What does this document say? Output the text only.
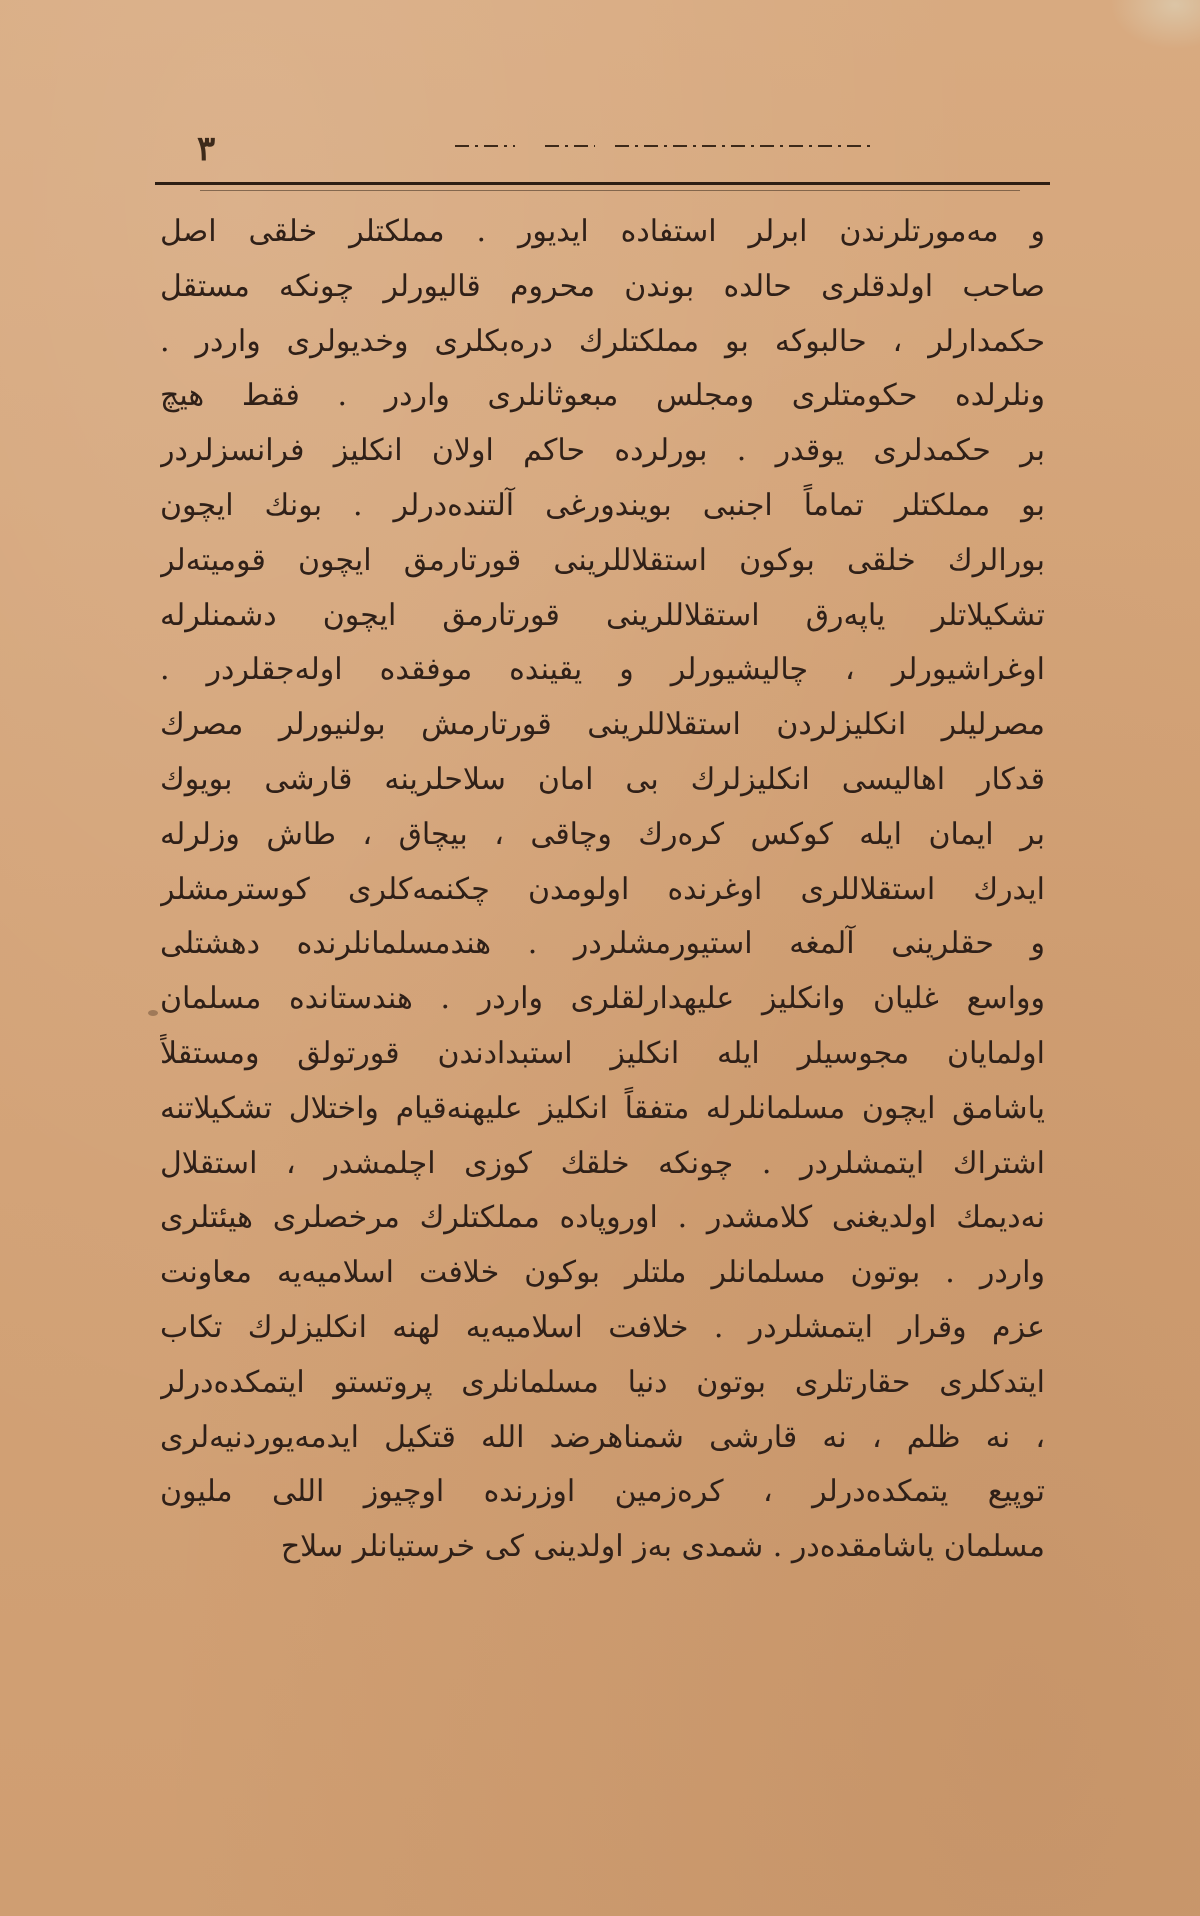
٣
و مەمورتلرندن ابرلر استفادە ایدیور . مملکتلر خلقى اصل
صاحب اولدقلرى حالدە بوندن محروم قالیورلر چونکە مستقل
حكمدارلر ، حالبوكە بو مملكتلرك درەبكلرى وخديولرى واردر .
ونلرلدە حكومتلرى ومجلس مبعوثانلرى واردر . فقط هيچ
بر حكمدلرى يوقدر . بورلردە حاكم اولان انكليز فرانسزلردر
بو مملكتلر تماماً اجنبى بويندورغى آلتندەدرلر . بونك ايچون
بورالرك خلقى بوكون استقلاللرينى قورتارمق ايچون قوميتەلر
تشكيلاتلر ياپەرق استقلاللرينى قورتارمق ايچون دشمنلرلە
اوغراشيورلر ، چاليشيورلر و يقيندە موفقدە اولەجقلردر .
مصرليلر انكليزلردن استقلاللرينى قورتارمش بولنيورلر مصرك
قدكار اهاليسى انكليزلرك بى امان سلاحلرينە قارشى بويوك
بر ايمان ايلە كوكس كرەرك وچاقى ، بيچاق ، طاش وزلرلە
ايدرك استقلاللرى اوغرندە اولومدن چكنمەكلرى كوسترمشلر
و حقلرينى آلمغە استيورمشلردر . هندمسلمانلرندە دهشتلى
وواسع غليان وانكليز عليهدارلقلرى واردر . هندستاندە مسلمان
اولمايان مجوسيلر ايلە انكليز استبدادندن قورتولق ومستقلاً
ياشامق ايچون مسلمانلرلە متفقاً انكليز عليهنەقيام واختلال تشكيلاتنە
اشتراك ايتمشلردر . چونكە خلقك كوزى اچلمشدر ، استقلال
نەديمك اولديغنى كلامشدر . اوروپادە مملكتلرك مرخصلرى هيئتلرى
واردر . بوتون مسلمانلر ملتلر بوكون خلافت اسلاميەيە معاونت
عزم وقرار ايتمشلردر . خلافت اسلاميەيە لهنە انكليزلرك تكاب
ايتدكلرى حقارتلرى بوتون دنيا مسلمانلرى پروتستو ايتمكدەدرلر
، نە ظلم ، نە قارشى شمناهرضد الله قتكيل ايدمەيوردنيەلرى
توپيع يتمكدەدرلر ، كرەزمين اوزرندە اوچيوز اللى مليون
مسلمان ياشامقدەدر . شمدى بەز اولدينى كى خرستيانلر سلاح
